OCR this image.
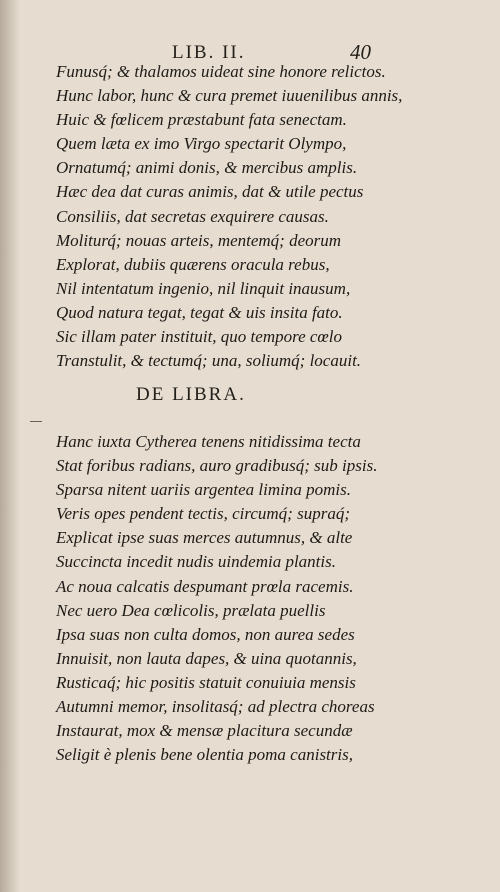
LIB. II.	40
Funusq́; & thalamos uideat sine honore relictos.
Hunc labor, hunc & cura premet iuuenilibus annis,
Huic & fœlicem præstabunt fata senectam.
Quem læta ex imo Virgo spectarit Olympo,
Ornatumq́; animi donis, & mercibus amplis.
Hæc dea dat curas animis, dat & utile pectus
Consiliis, dat secretas exquirere causas.
Moliturq́; nouas arteis, mentemq́; deorum
Explorat, dubiis quærens oracula rebus,
Nil intentatum ingenio, nil linquit inausum,
Quod natura tegat, tegat & uis insita fato.
Sic illam pater instituit, quo tempore cœlo
Transtulit, & tectumq́; una, soliumq́; locauit.
DE LIBRA.
Hanc iuxta Cytherea tenens nitidissima tecta
Stat foribus radians, auro gradibusq́; sub ipsis.
Sparsa nitent uariis argentea limina pomis.
Veris opes pendent tectis, circumq́; supraq́;
Explicat ipse suas merces autumnus, & alte
Succincta incedit nudis uindemia plantis.
Ac noua calcatis despumant prœla racemis.
Nec uero Dea cœlicolis, prælata puellis
Ipsa suas non culta domos, non aurea sedes
Innuisit, non lauta dapes, & uina quotannis,
Rusticaq́; hic positis statuit conuiuia mensis
Autumni memor, insolitasq́; ad plectra choreas
Instaurat, mox & mensæ placitura secundæ
Seligit è plenis bene olentia poma canistris,
